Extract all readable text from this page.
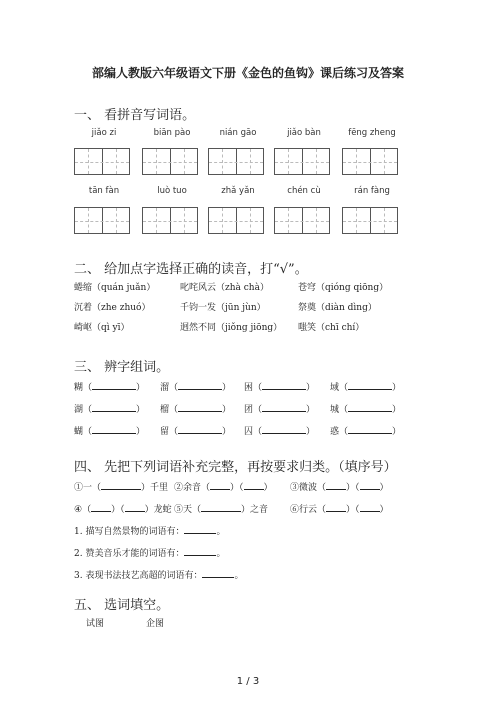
部编人教版六年级语文下册《金色的鱼钩》课后练习及答案
一、 看拼音写词语。
jiǎo zi	biān pào	nián gāo	jiǎo bàn	fēng zheng
tān fàn	luò tuo	zhǎ yǎn	chén cù	rán fàng
二、 给加点字选择正确的读音，打“√”。
蜷缩（quán juǎn）	叱咤风云（zhà chà）	苍穹（qióng qiōng）
沉着（zhe zhuó）	千钧一发（jūn jùn）	祭奠（diàn dìng）
崎岖（qì yī）	迥然不同（jiǒng jiōng） 嗤笑（chī chí）
三、 辨字组词。
糊（	） 溜（	） 困（	） 域（	）
湖（	） 榴（	） 团（	） 城（	）
蝴（	） 留（	） 囚（	） 惑（	）
四、 先把下列词语补充完整，再按要求归类。（填序号）
①一（	）千里 ②余音（ ）（ ） ③微波（ ）（ ）
④（ ）（ ）龙蛇 ⑤天（	）之音 ⑥行云（ ）（ ）
1. 描写自然景物的词语有：	。
2. 赞美音乐才能的词语有：	。
3. 表现书法技艺高超的词语有：	。
五、 选词填空。
试图	企图
1 / 3
